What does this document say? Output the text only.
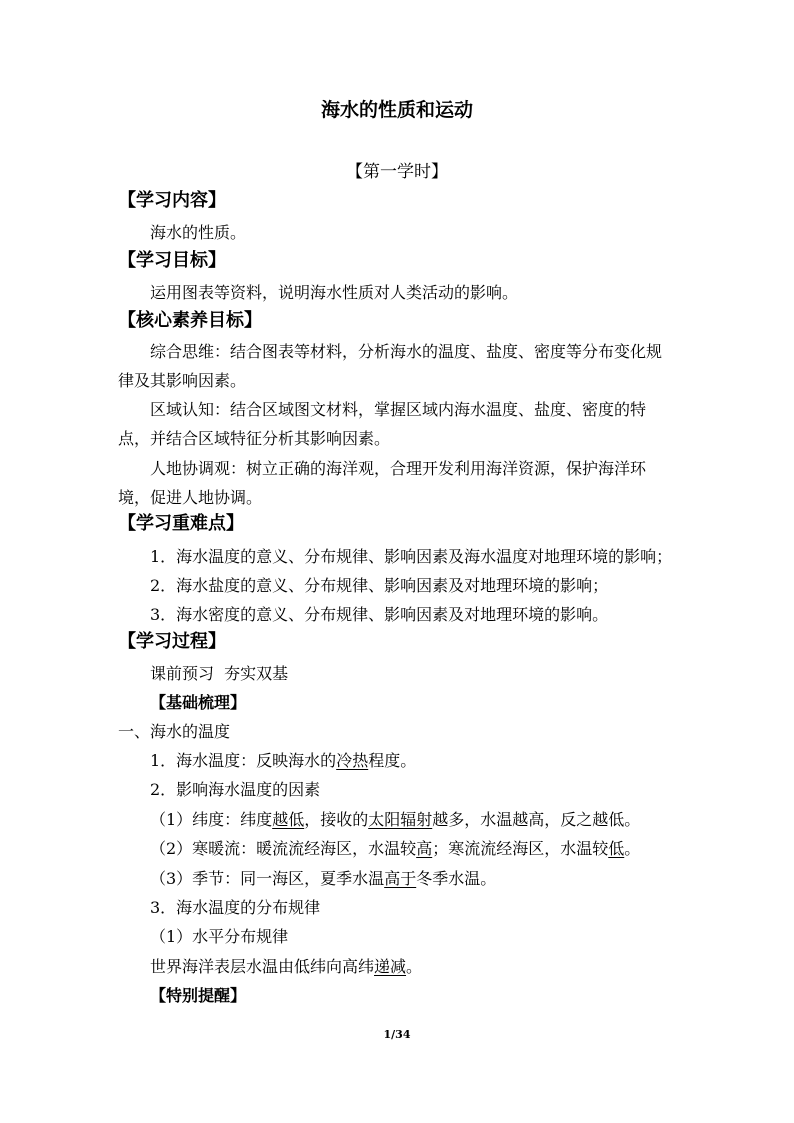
海水的性质和运动
【第一学时】
【学习内容】
海水的性质。
【学习目标】
运用图表等资料，说明海水性质对人类活动的影响。
【核心素养目标】
综合思维：结合图表等材料，分析海水的温度、盐度、密度等分布变化规
律及其影响因素。
区域认知：结合区域图文材料，掌握区域内海水温度、盐度、密度的特
点，并结合区域特征分析其影响因素。
人地协调观：树立正确的海洋观，合理开发利用海洋资源，保护海洋环
境，促进人地协调。
【学习重难点】
1．海水温度的意义、分布规律、影响因素及海水温度对地理环境的影响；
2．海水盐度的意义、分布规律、影响因素及对地理环境的影响；
3．海水密度的意义、分布规律、影响因素及对地理环境的影响。
【学习过程】
课前预习  夯实双基
【基础梳理】
一、海水的温度
1．海水温度：反映海水的冷热程度。
2．影响海水温度的因素
（1）纬度：纬度越低，接收的太阳辐射越多，水温越高，反之越低。
（2）寒暖流：暖流流经海区，水温较高；寒流流经海区，水温较低。
（3）季节：同一海区，夏季水温高于冬季水温。
3．海水温度的分布规律
（1）水平分布规律
世界海洋表层水温由低纬向高纬递减。
【特别提醒】
1/34
